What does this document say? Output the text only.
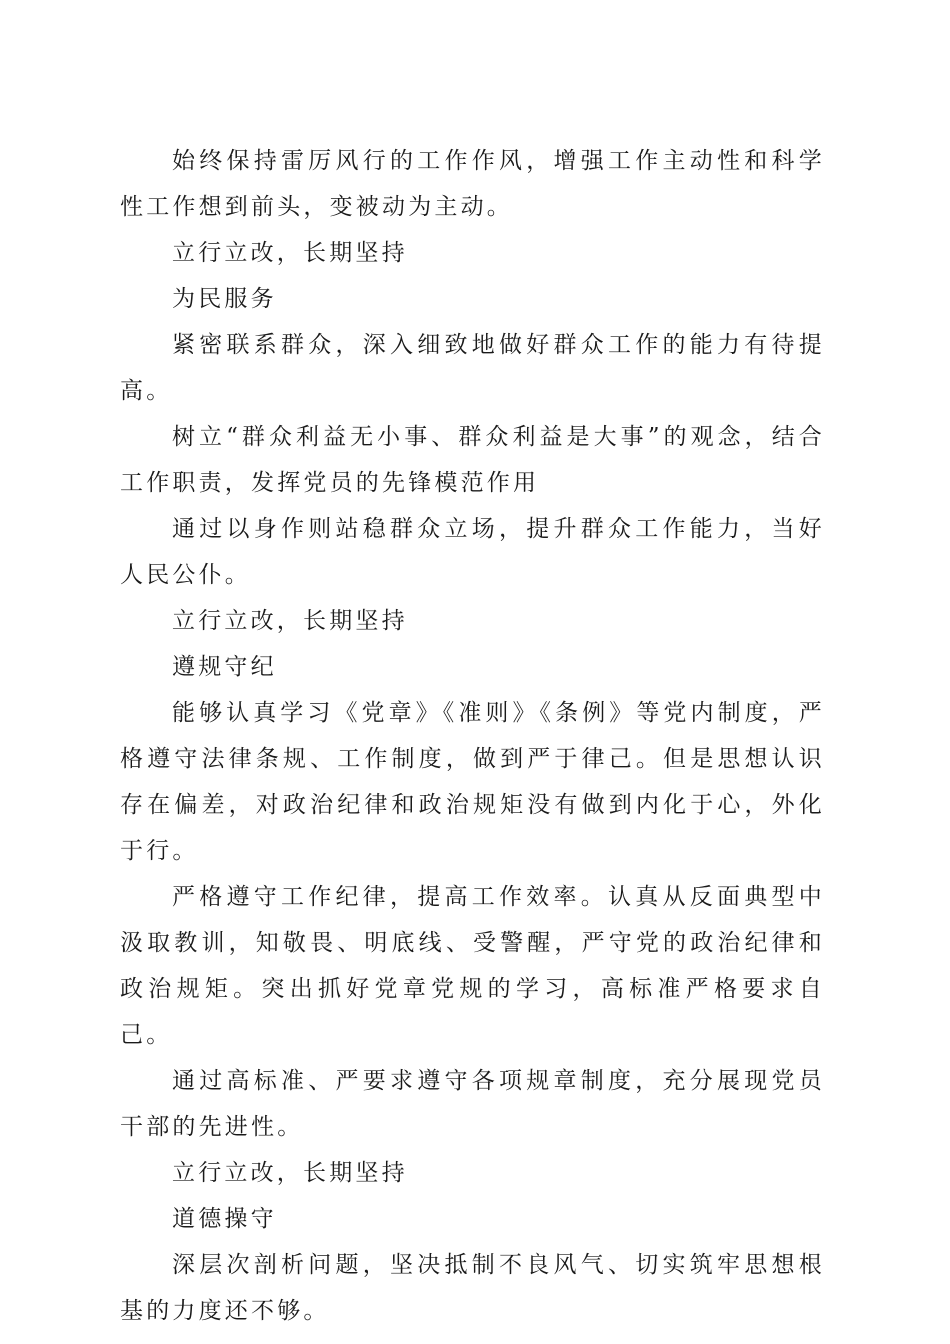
始终保持雷厉风行的工作作风，增强工作主动性和科学性工作想到前头，变被动为主动。

立行立改，长期坚持

为民服务

紧密联系群众，深入细致地做好群众工作的能力有待提高。

树立“群众利益无小事、群众利益是大事”的观念，结合工作职责，发挥党员的先锋模范作用

通过以身作则站稳群众立场，提升群众工作能力，当好人民公仆。

立行立改，长期坚持

遵规守纪

能够认真学习《党章》《准则》《条例》等党内制度，严格遵守法律条规、工作制度，做到严于律己。但是思想认识存在偏差，对政治纪律和政治规矩没有做到内化于心，外化于行。

严格遵守工作纪律，提高工作效率。认真从反面典型中汲取教训，知敬畏、明底线、受警醒，严守党的政治纪律和政治规矩。突出抓好党章党规的学习，高标准严格要求自己。

通过高标准、严要求遵守各项规章制度，充分展现党员干部的先进性。

立行立改，长期坚持

道德操守

深层次剖析问题，坚决抵制不良风气、切实筑牢思想根基的力度还不够。
